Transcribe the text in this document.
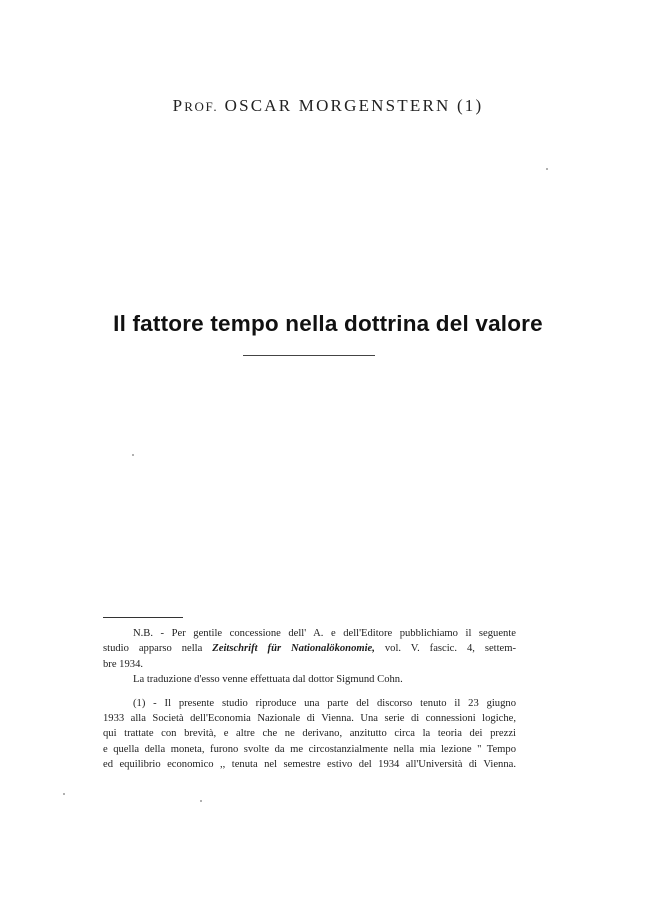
PROF. OSCAR MORGENSTERN (1)
Il fattore tempo nella dottrina del valore

N.B. - Per gentile concessione dell' A. e dell'Editore pubblichiamo il seguente

studio apparso nella Zeitschrift für Nationalökonomie, vol. V. fascic. 4, settem-
bre 1934.

La traduzione d'esso venne effettuata dal dottor Sigmund Cohn.

(1) - Il presente studio riproduce una parte del discorso tenuto il 23 giugno

1933 alla Società dell'Economia Nazionale di Vienna. Una serie di connessioni logiche,
qui trattate con brevità, e altre che ne derivano, anzitutto circa la teoria dei prezzi
e quella della moneta, furono svolte da me circostanzialmente nella mia lezione " Tempo
ed equilibrio economico ,, tenuta nel semestre estivo del 1934 all'Università di Vienna.
